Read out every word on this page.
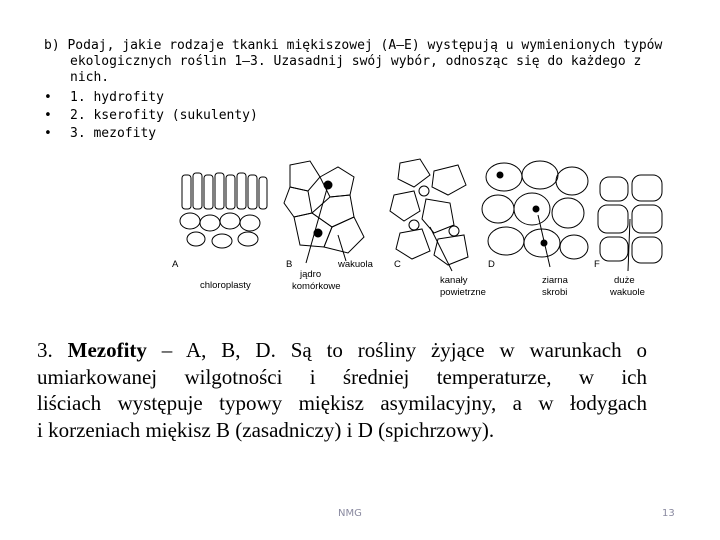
b) Podaj, jakie rodzaje tkanki miękiszowej (A–E) występują u wymienionych typów
ekologicznych roślin 1–3. Uzasadnij swój wybór, odnosząc się do każdego z nich.
• 1. hydrofity
• 2. kserofity (sukulenty)
• 3. mezofity
A	B	C	D	F
chloroplasty
jądro
komórkowe
wakuola
kanały
powietrzne
ziarna
skrobi
duże
wakuole
3. Mezofity – A, B, D. Są to rośliny żyjące w warunkach o
umiarkowanej wilgotności i średniej temperaturze, w ich
liściach występuje typowy miękisz asymilacyjny, a w łodygach
i korzeniach miękisz B (zasadniczy) i D (spichrzowy).
NMG	13
